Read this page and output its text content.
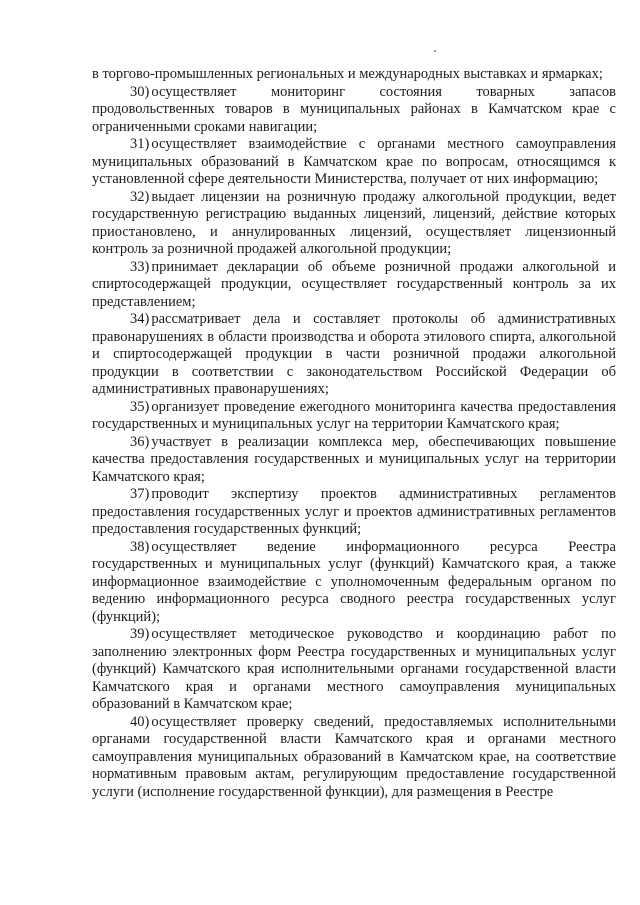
в торгово-промышленных региональных и международных выставках и ярмарках;

30) осуществляет мониторинг состояния товарных запасов продовольственных товаров в муниципальных районах в Камчатском крае с ограниченными сроками навигации;

31) осуществляет взаимодействие с органами местного самоуправления муниципальных образований в Камчатском крае по вопросам, относящимся к установленной сфере деятельности Министерства, получает от них информацию;

32) выдает лицензии на розничную продажу алкогольной продукции, ведет государственную регистрацию выданных лицензий, лицензий, действие которых приостановлено, и аннулированных лицензий, осуществляет лицензионный контроль за розничной продажей алкогольной продукции;

33) принимает декларации об объеме розничной продажи алкогольной и спиртосодержащей продукции, осуществляет государственный контроль за их представлением;

34) рассматривает дела и составляет протоколы об административных правонарушениях в области производства и оборота этилового спирта, алкогольной и спиртосодержащей продукции в части розничной продажи алкогольной продукции в соответствии с законодательством Российской Федерации об административных правонарушениях;

35) организует проведение ежегодного мониторинга качества предоставления государственных и муниципальных услуг на территории Камчатского края;

36) участвует в реализации комплекса мер, обеспечивающих повышение качества предоставления государственных и муниципальных услуг на территории Камчатского края;

37) проводит экспертизу проектов административных регламентов предоставления государственных услуг и проектов административных регламентов предоставления государственных функций;

38) осуществляет ведение информационного ресурса Реестра государственных и муниципальных услуг (функций) Камчатского края, а также информационное взаимодействие с уполномоченным федеральным органом по ведению информационного ресурса сводного реестра государственных услуг (функций);

39) осуществляет методическое руководство и координацию работ по заполнению электронных форм Реестра государственных и муниципальных услуг (функций) Камчатского края исполнительными органами государственной власти Камчатского края и органами местного самоуправления муниципальных образований в Камчатском крае;

40) осуществляет проверку сведений, предоставляемых исполнительными органами государственной власти Камчатского края и органами местного самоуправления муниципальных образований в Камчатском крае, на соответствие нормативным правовым актам, регулирующим предоставление государственной услуги (исполнение государственной функции), для размещения в Реестре
